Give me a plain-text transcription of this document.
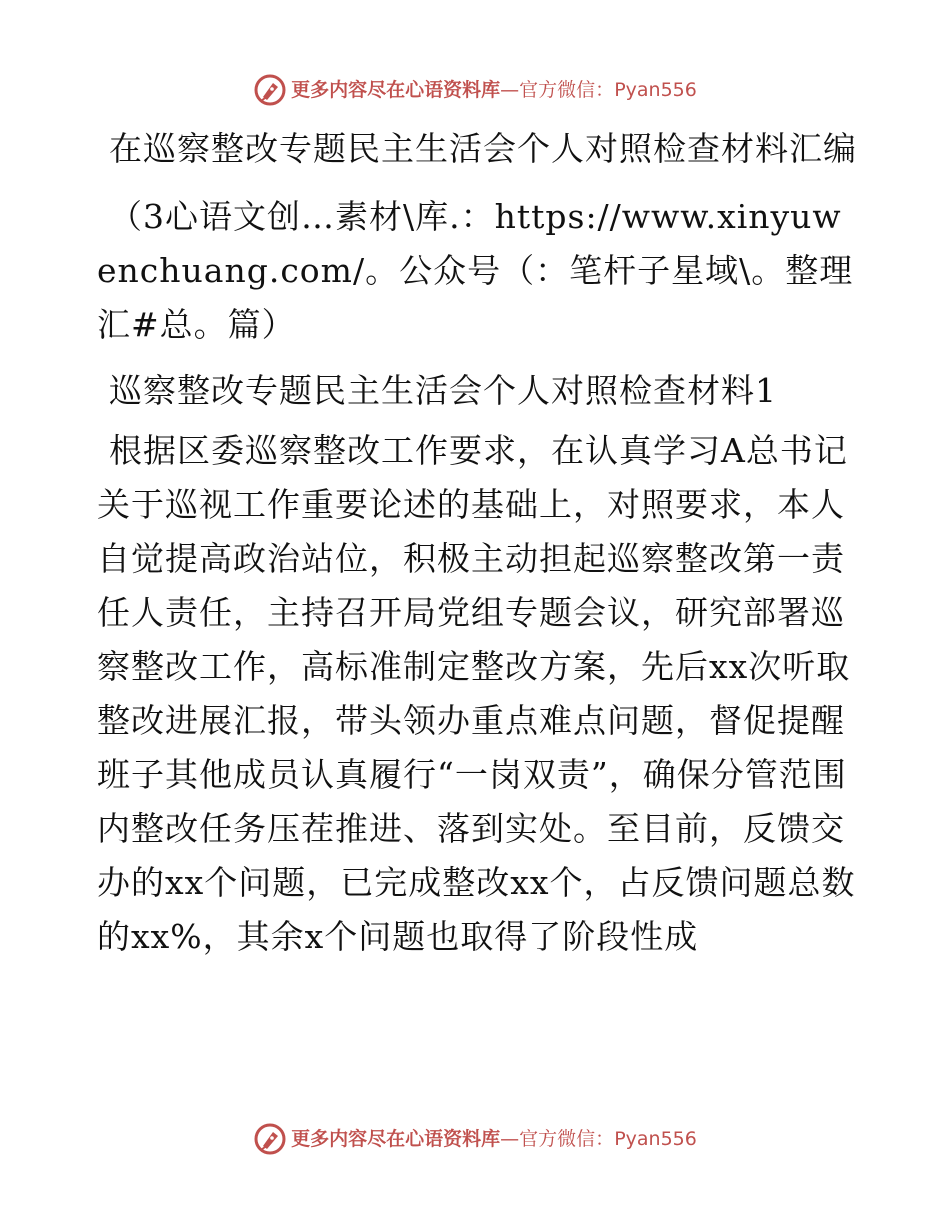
更多内容尽在心语资料库 — 官方微信： Pyan556

在巡察整改专题民主生活会个人对照检查材料汇编

（3心语文创…素材\库.：https://www.xinyuwenchuang.com/。公众号（：笔杆子星域\。整理汇#总。篇）

巡察整改专题民主生活会个人对照检查材料1

根据区委巡察整改工作要求，在认真学习A总书记关于巡视工作重要论述的基础上，对照要求，本人自觉提高政治站位，积极主动担起巡察整改第一责任人责任，主持召开局党组专题会议，研究部署巡察整改工作，高标准制定整改方案，先后xx次听取整改进展汇报，带头领办重点难点问题，督促提醒班子其他成员认真履行“一岗双责”，确保分管范围内整改任务压茬推进、落到实处。至目前，反馈交办的xx个问题，已完成整改xx个，占反馈问题总数的xx%，其余x个问题也取得了阶段性成

更多内容尽在心语资料库 — 官方微信： Pyan556
